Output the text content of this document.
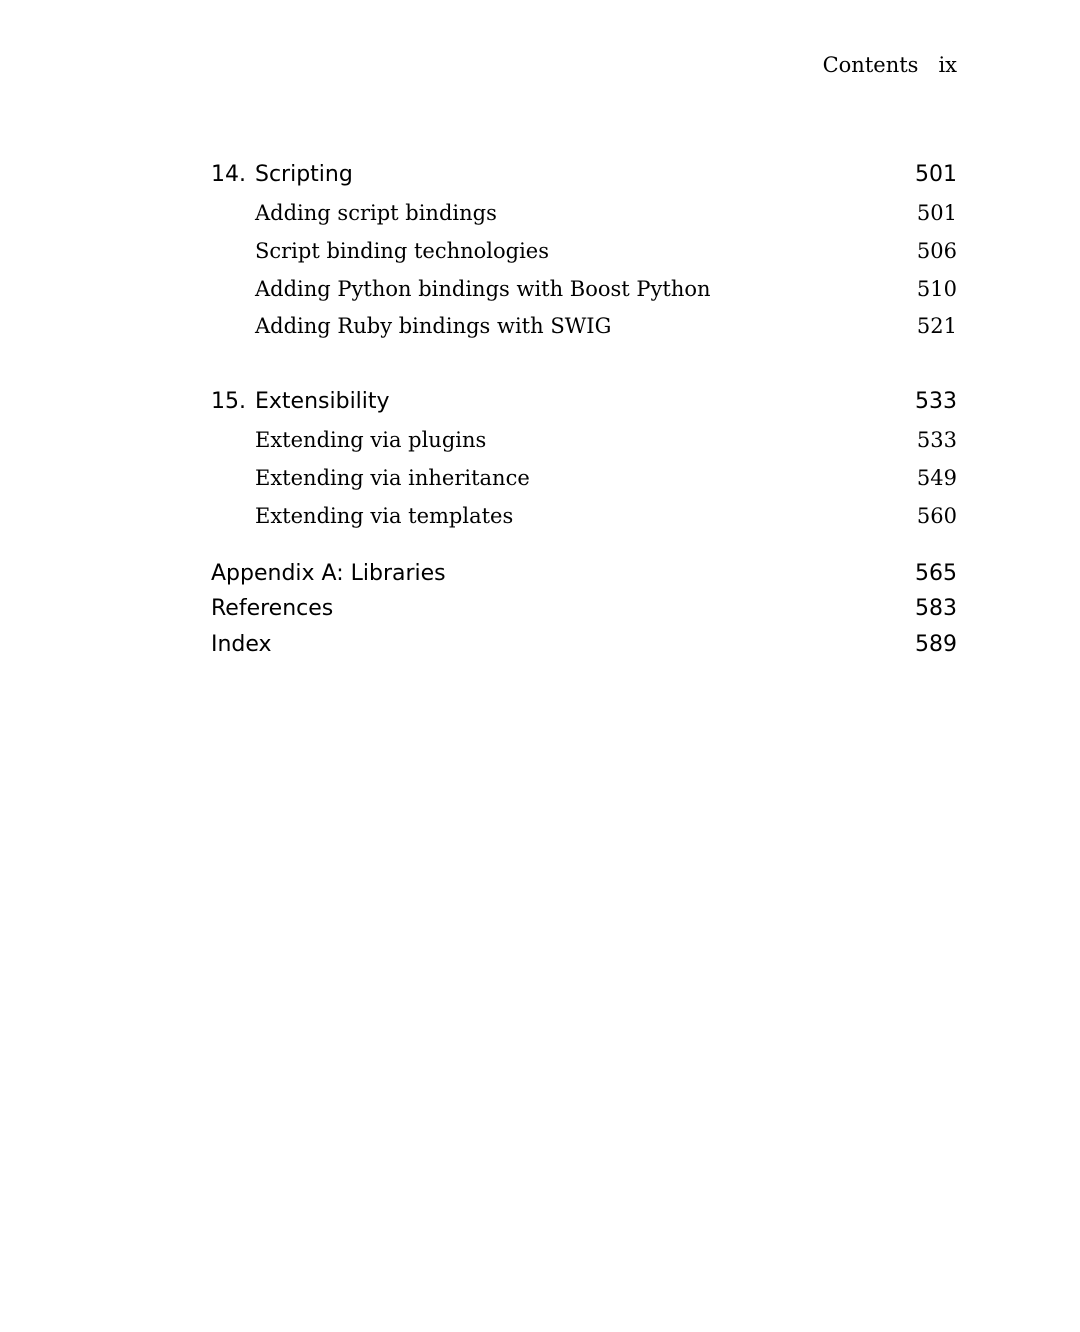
Contents ix
14. Scripting	501
Adding script bindings	501
Script binding technologies	506
Adding Python bindings with Boost Python	510
Adding Ruby bindings with SWIG	521
15. Extensibility	533
Extending via plugins	533
Extending via inheritance	549
Extending via templates	560
Appendix A: Libraries	565
References	583
Index	589
